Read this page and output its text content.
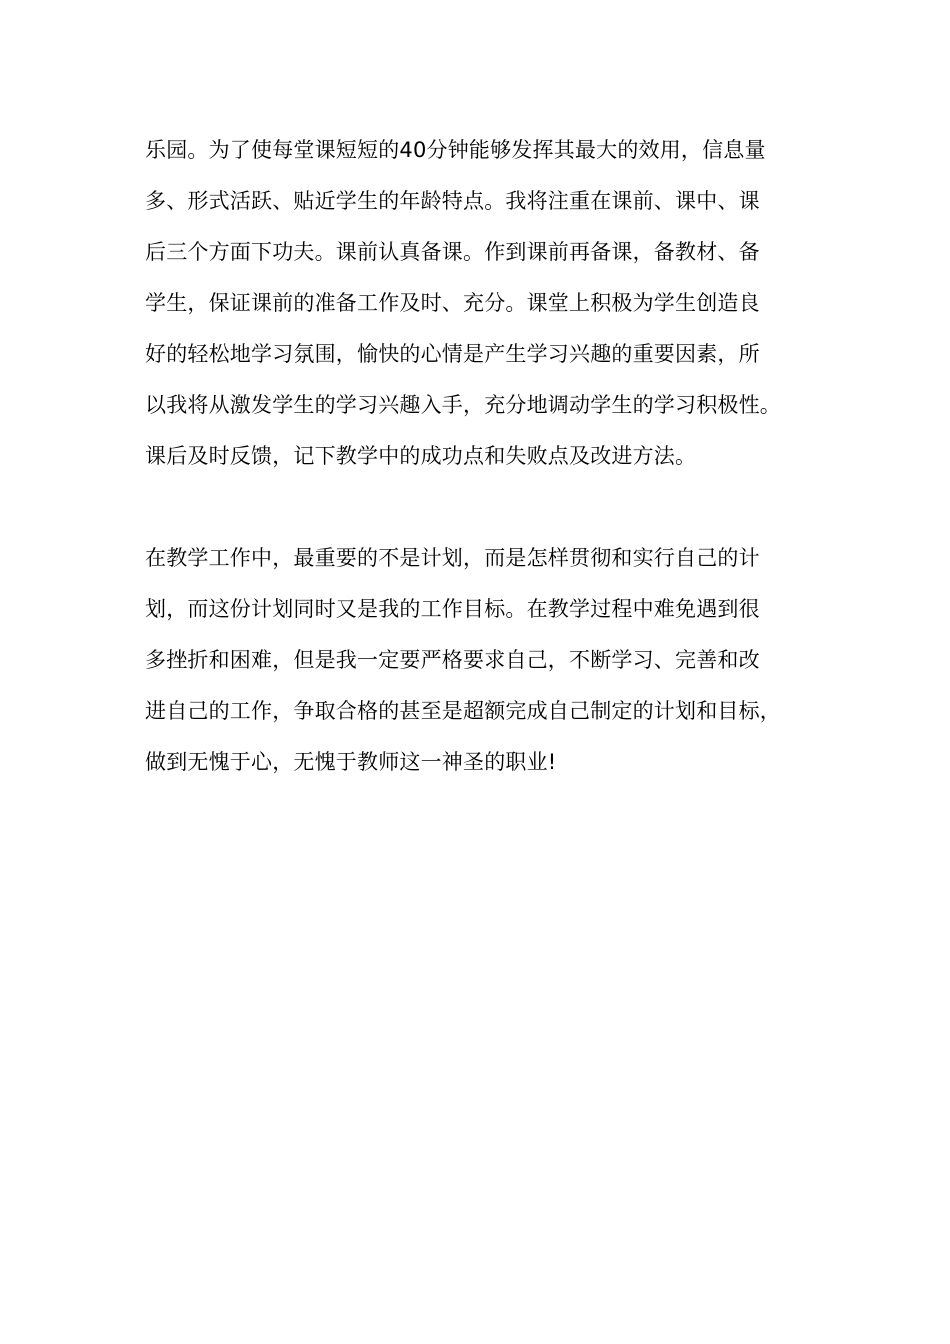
乐园。为了使每堂课短短的40分钟能够发挥其最大的效用，信息量
多、形式活跃、贴近学生的年龄特点。我将注重在课前、课中、课
后三个方面下功夫。课前认真备课。作到课前再备课，备教材、备
学生，保证课前的准备工作及时、充分。课堂上积极为学生创造良
好的轻松地学习氛围，愉快的心情是产生学习兴趣的重要因素，所
以我将从激发学生的学习兴趣入手，充分地调动学生的学习积极性。
课后及时反馈，记下教学中的成功点和失败点及改进方法。

在教学工作中，最重要的不是计划，而是怎样贯彻和实行自己的计
划，而这份计划同时又是我的工作目标。在教学过程中难免遇到很
多挫折和困难，但是我一定要严格要求自己，不断学习、完善和改
进自己的工作，争取合格的甚至是超额完成自己制定的计划和目标，
做到无愧于心，无愧于教师这一神圣的职业!
